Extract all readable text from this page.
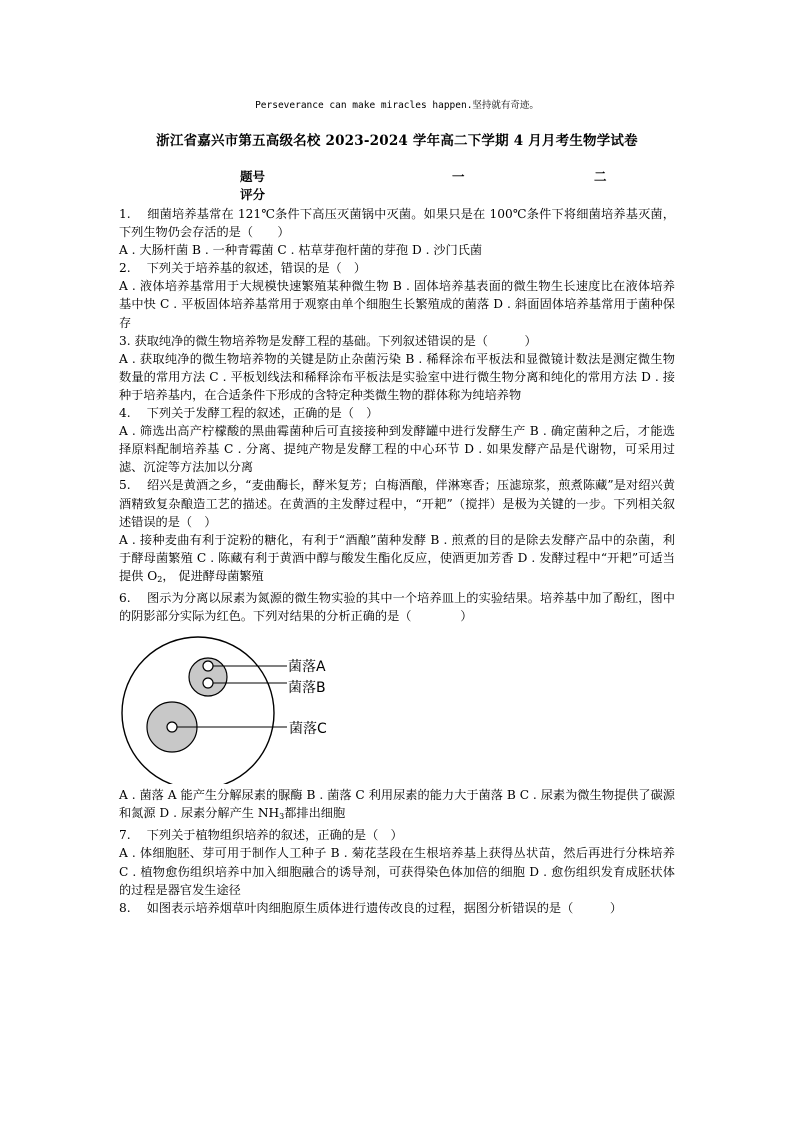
Perseverance can make miracles happen.坚持就有奇迹。
浙江省嘉兴市第五高级名校 2023-2024 学年高二下学期 4 月月考生物学试卷
题号
评分
一	二

1.　 细菌培养基常在 121℃条件下高压灭菌锅中灭菌。如果只是在 100℃条件下将细菌培养基灭菌，下列生物仍会存活的是（　　）

A . 大肠杆菌 B . 一种青霉菌 C . 枯草芽孢杆菌的芽孢 D . 沙门氏菌

2.　 下列关于培养基的叙述，错误的是（　）

A . 液体培养基常用于大规模快速繁殖某种微生物 B . 固体培养基表面的微生物生长速度比在液体培养基中快 C . 平板固体培养基常用于观察由单个细胞生长繁殖成的菌落 D . 斜面固体培养基常用于菌种保存

3. 获取纯净的微生物培养物是发酵工程的基础。下列叙述错误的是（　　　）

A . 获取纯净的微生物培养物的关键是防止杂菌污染 B . 稀释涂布平板法和显微镜计数法是测定微生物数量的常用方法 C . 平板划线法和稀释涂布平板法是实验室中进行微生物分离和纯化的常用方法 D . 接种于培养基内，在合适条件下形成的含特定种类微生物的群体称为纯培养物

4.　 下列关于发酵工程的叙述，正确的是（　）

A . 筛选出高产柠檬酸的黑曲霉菌种后可直接接种到发酵罐中进行发酵生产 B . 确定菌种之后，才能选择原料配制培养基 C . 分离、提纯产物是发酵工程的中心环节 D . 如果发酵产品是代谢物，可采用过滤、沉淀等方法加以分离

5.　 绍兴是黄酒之乡，“麦曲酶长，酵米复芳；白梅酒酿，伴淋寒香；压滤琼浆，煎煮陈藏”是对绍兴黄酒精致复杂酿造工艺的描述。在黄酒的主发酵过程中，“开耙”（搅拌）是极为关键的一步。下列相关叙述错误的是（　）

A . 接种麦曲有利于淀粉的糖化，有利于“酒酿”菌种发酵 B . 煎煮的目的是除去发酵产品中的杂菌，利于酵母菌繁殖 C . 陈藏有利于黄酒中醇与酸发生酯化反应，使酒更加芳香 D . 发酵过程中“开耙”可适当提供 $O_2$， 促进酵母菌繁殖

6.　 图示为分离以尿素为氮源的微生物实验的其中一个培养皿上的实验结果。培养基中加了酚红，图中的阴影部分实际为红色。下列对结果的分析正确的是（　　　　）

菌落A
菌落B
菌落C

A . 菌落 A 能产生分解尿素的脲酶 B . 菌落 C 利用尿素的能力大于菌落 B C . 尿素为微生物提供了碳源和氮源 D . 尿素分解产生 $NH_3$都排出细胞

7.　 下列关于植物组织培养的叙述，正确的是（　）

A . 体细胞胚、芽可用于制作人工种子 B . 菊花茎段在生根培养基上获得丛状苗，然后再进行分株培养 C . 植物愈伤组织培养中加入细胞融合的诱导剂，可获得染色体加倍的细胞 D . 愈伤组织发育成胚状体的过程是器官发生途径

8.　 如图表示培养烟草叶肉细胞原生质体进行遗传改良的过程，据图分析错误的是（　　　）
